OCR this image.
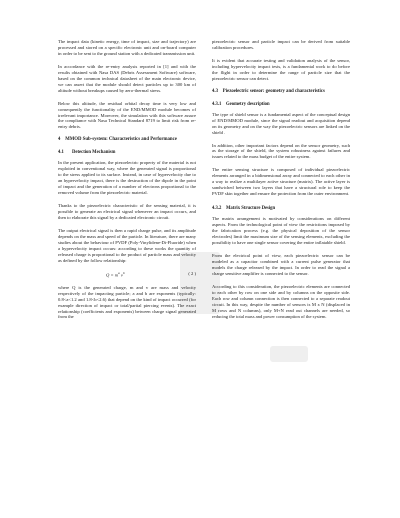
The impact data (kinetic energy, time of impact, size and trajectory) are processed and stored on a specific electronic unit and on-board computer in order to be sent to the ground station with a dedicated transmission unit.

In accordance with the re-entry analysis reported in [1] and with the results obtained with Nasa DAS (Debris Assessment Software) software, based on the common technical datasheet of the main electronic device, we can assert that the module should detect particles up to 300 km of altitude without breakups caused by aero-thermal stress.

Below this altitude, the residual orbital decay time is very low and consequently the functionality of the END/MMOD module becomes of irrelevant importance. Moreover, the simulation with this software assure the compliance with Nasa Technical Standard 8719 to limit risk from re-entry debris.

4 MMOD Sub-system: Characteristics and Performance
4.1 Detection Mechanism

In the present application, the piezoelectric property of the material is not exploited in conventional way, where the generated signal is proportional to the stress applied to its surface. Instead, in case of hypervelocity due to an hypervelocity impact, there is the destruction of the dipole in the point of impact and the generation of a number of electrons proportional to the removed volume from the piezoelectric material.

Thanks to the piezoelectric characteristic of the sensing material, it is possible to generate an electrical signal whenever an impact occurs, and then to elaborate this signal by a dedicated electronic circuit.

The output electrical signal is then a rapid charge pulse, and its amplitude depends on the mass and speed of the particle. In literature, there are many studies about the behaviour of PVDF (Poly-Vinylidene-Di-Fluoride) when a hypervelocity impact occurs: according to these works the quantity of released charge is proportional to the product of particle mass and velocity as defined by the follow relationship:

$Q = m^a$ $v^b$	( 2 )

where Q is the generated charge, m and v are mass and velocity respectively of the impacting particle; a and b are exponents (typically: 0.8<a<1.2 and 1.8<b<2.6) that depend on the kind of impact occurred (for example direction of impact or total/partial piercing events). The exact relationship (coefficients and exponents) between charge signal generated from the

piezoelectric sensor and particle impact can be derived from suitable calibration procedures.

It is evident that accurate testing and validation analysis of the sensor, including hypervelocity impact tests, is a fundamental work to do before the flight in order to determine the range of particle size that the piezoelectric sensor can detect.

4.3 Piezoelectric sensor: geometry and characteristics
4.3.1 Geometry description

The type of shield sensor is a fundamental aspect of the conceptual design of END/MMOD module, since the signal readout and acquisition depend on its geometry and on the way the piezoelectric sensors are linked on the shield .

In addition, other important factors depend on the sensor geometry, such as the storage of the shield, the system robustness against failures and issues related to the mass budget of the entire system.

The entire sensing structure is composed of individual piezoelectric elements arranged in a bidimensional array and connected to each other in a way to realize a multilayer active structure (matrix). The active layer is sandwiched between two layers that have a structural role to keep the PVDF skin together and ensure the protection from the outer environment.

4.3.2 Matrix Structure Design

The matrix arrangement is motivated by considerations on different aspects. From the technological point of view the restrictions imposed by the fabrication process (e.g. the physical deposition of the sensor electrodes) limit the maximum size of the sensing elements, excluding the possibility to have one single sensor covering the entire inflatable shield.

From the electrical point of view, each piezoelectric sensor can be modeled as a capacitor combined with a current pulse generator that models the charge released by the impact. In order to read the signal a charge sensitive amplifier is connected to the sensor.

According to this consideration, the piezoelectric elements are connected to each other by row on one side and by columns on the opposite side. Each row and column connection is then connected to a separate readout circuit. In this way, despite the number of sensors is M x N (displaced in M rows and N columns), only M+N read out channels are needed, so reducing the total mass and power consumption of the system.
